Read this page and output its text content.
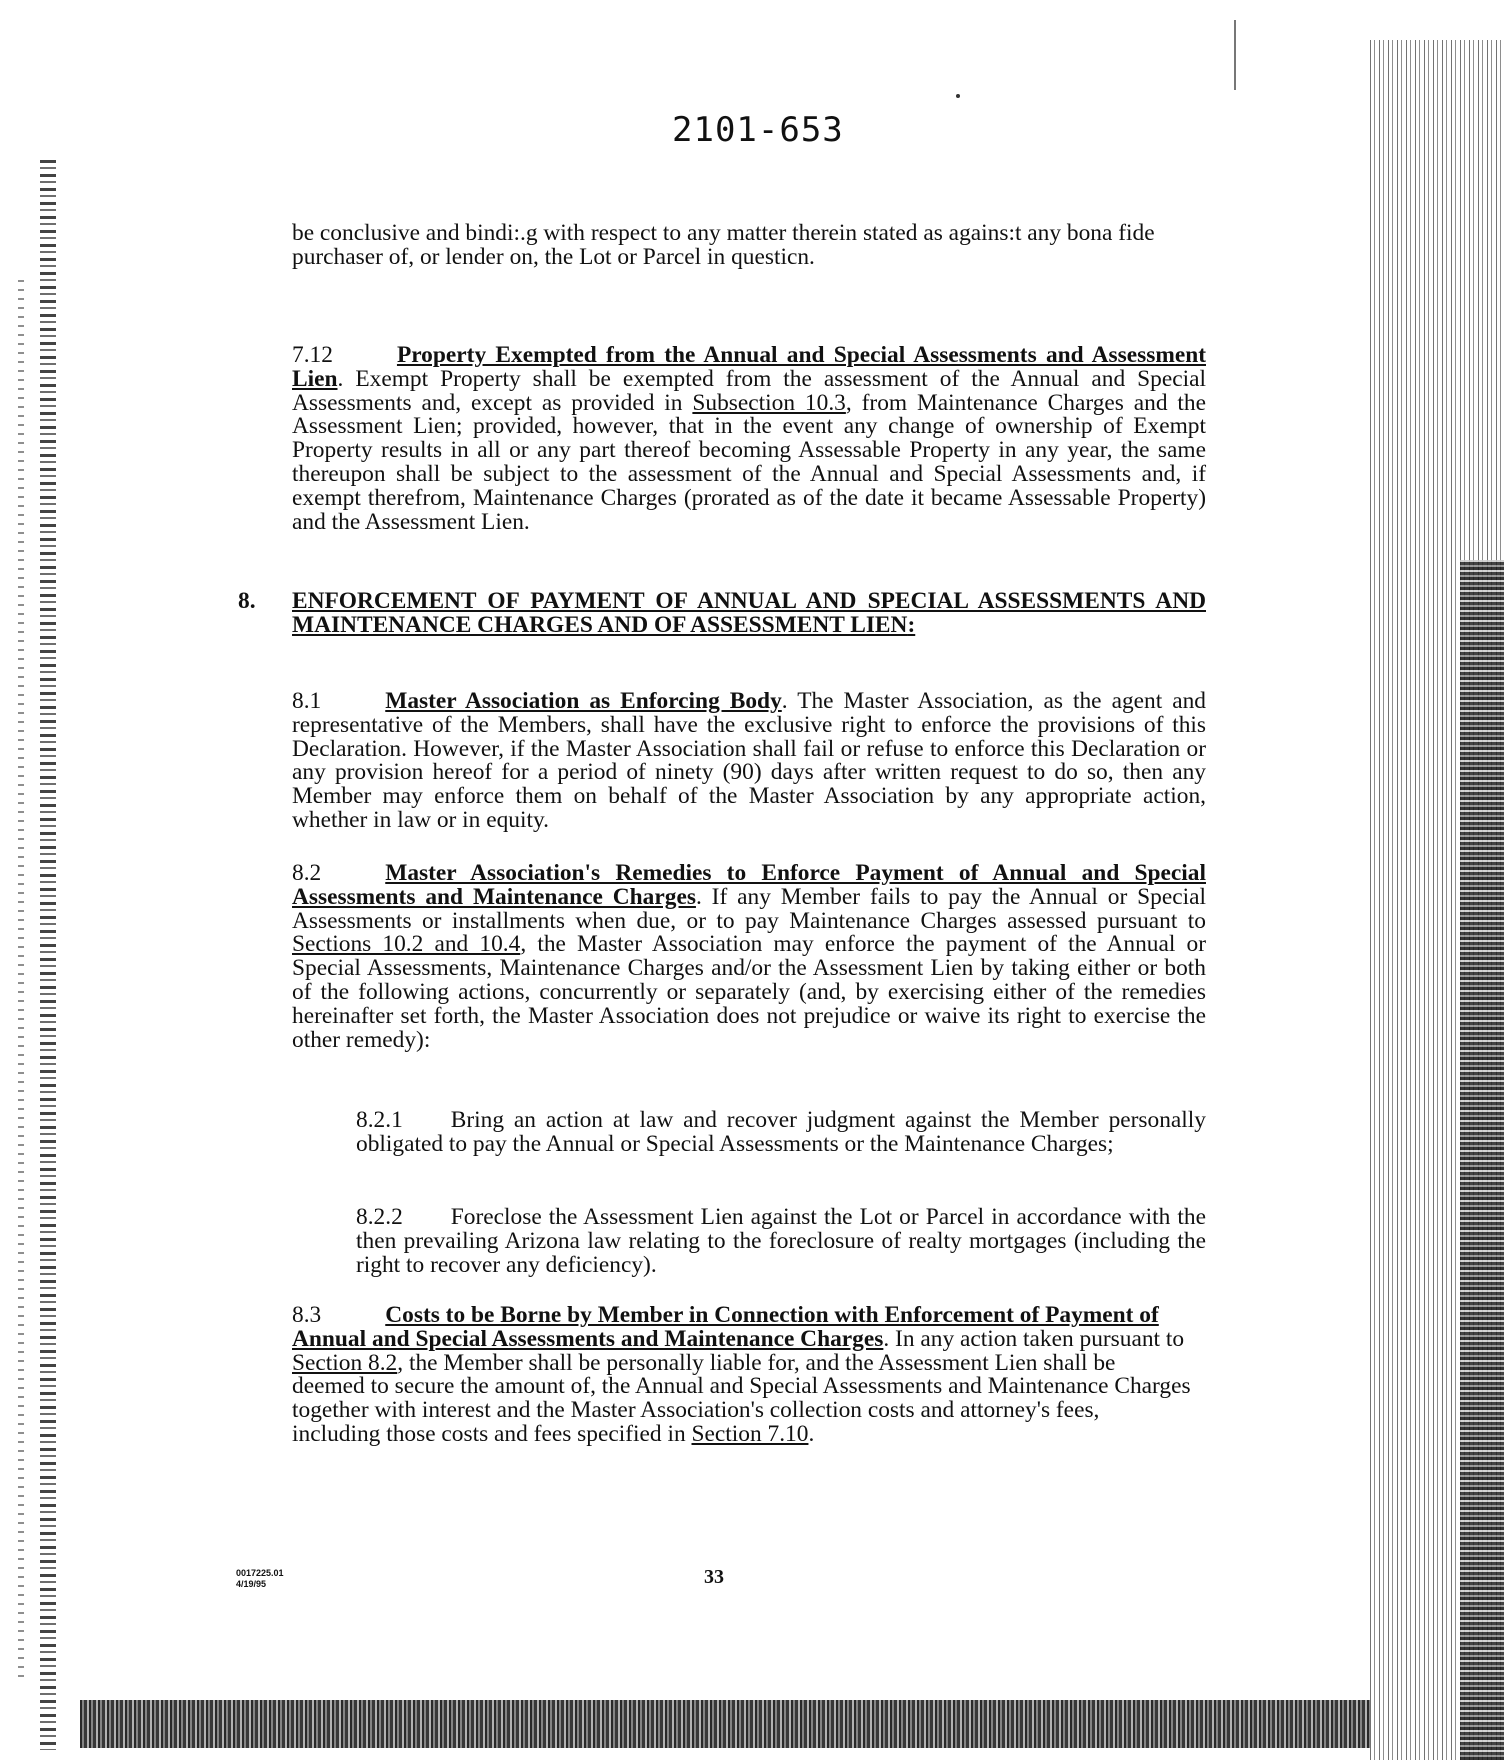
2101-653

be conclusive and bindi:.g with respect to any matter therein stated as agains:t any bona fide purchaser of, or lender on, the Lot or Parcel in questicn.

7.12	Property Exempted from the Annual and Special Assessments and Assessment Lien. Exempt Property shall be exempted from the assessment of the Annual and Special Assessments and, except as provided in Subsection 10.3, from Maintenance Charges and the Assessment Lien; provided, however, that in the event any change of ownership of Exempt Property results in all or any part thereof becoming Assessable Property in any year, the same thereupon shall be subject to the assessment of the Annual and Special Assessments and, if exempt therefrom, Maintenance Charges (prorated as of the date it became Assessable Property) and the Assessment Lien.

8.	ENFORCEMENT OF PAYMENT OF ANNUAL AND SPECIAL ASSESSMENTS AND MAINTENANCE CHARGES AND OF ASSESSMENT LIEN:

8.1	Master Association as Enforcing Body. The Master Association, as the agent and representative of the Members, shall have the exclusive right to enforce the provisions of this Declaration. However, if the Master Association shall fail or refuse to enforce this Declaration or any provision hereof for a period of ninety (90) days after written request to do so, then any Member may enforce them on behalf of the Master Association by any appropriate action, whether in law or in equity.

8.2	Master Association's Remedies to Enforce Payment of Annual and Special Assessments and Maintenance Charges. If any Member fails to pay the Annual or Special Assessments or installments when due, or to pay Maintenance Charges assessed pursuant to Sections 10.2 and 10.4, the Master Association may enforce the payment of the Annual or Special Assessments, Maintenance Charges and/or the Assessment Lien by taking either or both of the following actions, concurrently or separately (and, by exercising either of the remedies hereinafter set forth, the Master Association does not prejudice or waive its right to exercise the other remedy):

8.2.1 Bring an action at law and recover judgment against the Member personally obligated to pay the Annual or Special Assessments or the Maintenance Charges;

8.2.2 Foreclose the Assessment Lien against the Lot or Parcel in accordance with the then prevailing Arizona law relating to the foreclosure of realty mortgages (including the right to recover any deficiency).

8.3	Costs to be Borne by Member in Connection with Enforcement of Payment of Annual and Special Assessments and Maintenance Charges. In any action taken pursuant to Section 8.2, the Member shall be personally liable for, and the Assessment Lien shall be deemed to secure the amount of, the Annual and Special Assessments and Maintenance Charges together with interest and the Master Association's collection costs and attorney's fees, including those costs and fees specified in Section 7.10.

0017225.01
4/19/95	33
